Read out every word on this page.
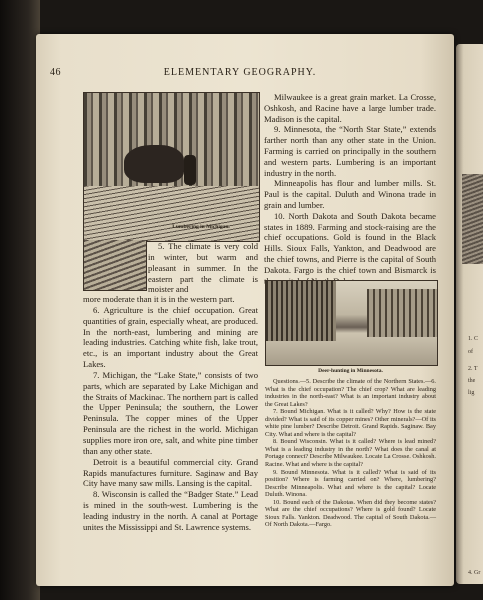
1. C
of
2. T
the
lig
4. Gr
46	ELEMENTARY GEOGRAPHY.
Lumbering in Michigan.

5. The climate is very cold in winter, but warm and pleasant in summer. In the eastern part the climate is moister and

more moderate than it is in the western part.

6. Agriculture is the chief occupation. Great quantities of grain, especially wheat, are produced. In the north-east, lumbering and mining are leading industries. Catching white fish, lake trout, etc., is an important industry about the Great Lakes.

7. Michigan, the “Lake State,” consists of two parts, which are separated by Lake Michigan and the Straits of Mackinac. The northern part is called the Upper Peninsula; the southern, the Lower Peninsula. The copper mines of the Upper Peninsula are the richest in the world. Michigan supplies more iron ore, salt, and white pine timber than any other state.

Detroit is a beautiful commercial city. Grand Rapids manufactures furniture. Saginaw and Bay City have many saw mills. Lansing is the capital.

8. Wisconsin is called the “Badger State.” Lead is mined in the south-west. Lumbering is the leading industry in the north. A canal at Portage unites the Mississippi and St. Lawrence systems.

Milwaukee is a great grain market. La Crosse, Oshkosh, and Racine have a large lumber trade. Madison is the capital.

9. Minnesota, the “North Star State,” extends farther north than any other state in the Union. Farming is carried on principally in the southern and western parts. Lumbering is an important industry in the north.

Minneapolis has flour and lumber mills. St. Paul is the capital. Duluth and Winona trade in grain and lumber.

10. North Dakota and South Dakota became states in 1889. Farming and stock-raising are the chief occupations. Gold is found in the Black Hills. Sioux Falls, Yankton, and Deadwood are the chief towns, and Pierre is the capital of South Dakota. Fargo is the chief town and Bismarck is

Deer-hunting in Minnesota.

Questions.—5. Describe the climate of the Northern States.—6. What is the chief occupation? The chief crop? What are leading industries in the north-east? What is an important industry about the Great Lakes?

7. Bound Michigan. What is it called? Why? How is the state divided? What is said of its copper mines? Other minerals?—Of its white pine lumber? Describe Detroit. Grand Rapids. Saginaw. Bay City. What and where is the capital?

8. Bound Wisconsin. What is it called? Where is lead mined? What is a leading industry in the north? What does the canal at Portage connect? Describe Milwaukee. Locate La Crosse. Oshkosh. Racine. What and where is the capital?

9. Bound Minnesota. What is it called? What is said of its position? Where is farming carried on? Where, lumbering? Describe Minneapolis. What and where is the capital? Locate Duluth. Winona.

10. Bound each of the Dakotas. When did they become states? What are the chief occupations? Where is gold found? Locate Sioux Falls. Yankton. Deadwood. The capital of South Dakota.—Of North Dakota.—Fargo.
